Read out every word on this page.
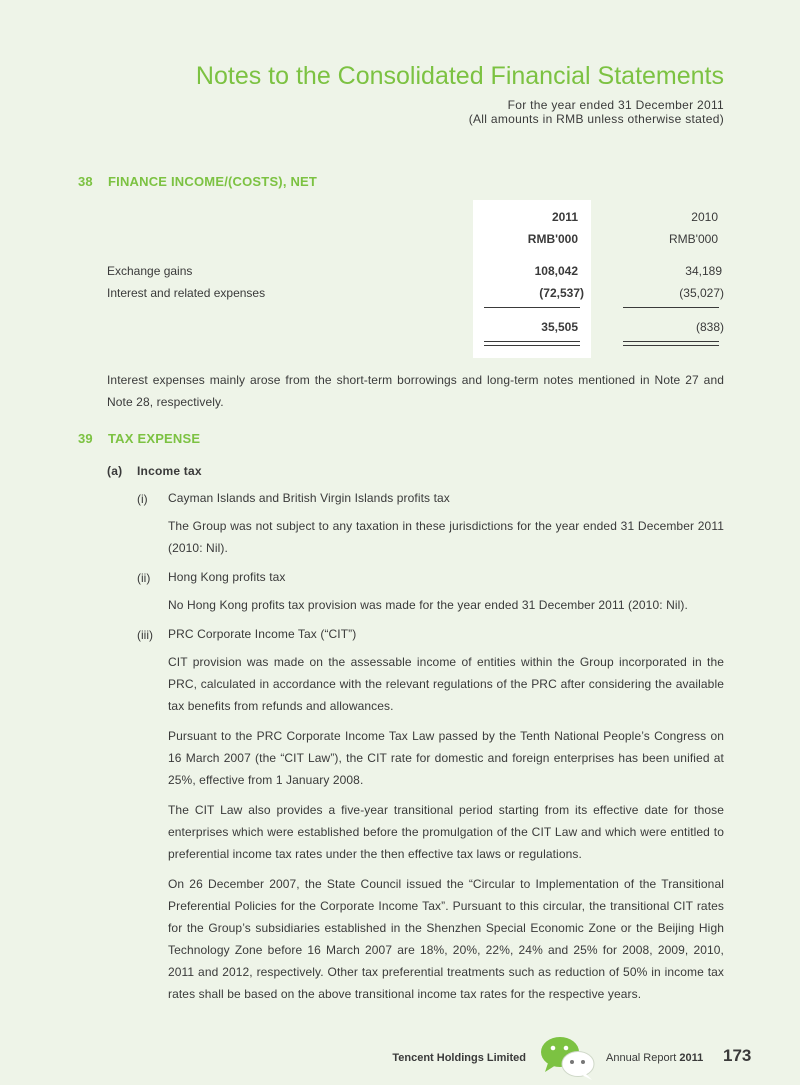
Notes to the Consolidated Financial Statements
For the year ended 31 December 2011
(All amounts in RMB unless otherwise stated)
38 FINANCE INCOME/(COSTS), NET
2011	2010
RMB'000	RMB'000
Exchange gains	108,042	34,189
Interest and related expenses	(72,537)	(35,027)
35,505	(838)
Interest expenses mainly arose from the short-term borrowings and long-term notes mentioned in Note 27 and Note 28, respectively.
39 TAX EXPENSE
(a) Income tax
(i)	Cayman Islands and British Virgin Islands profits tax
The Group was not subject to any taxation in these jurisdictions for the year ended 31 December 2011 (2010: Nil).
(ii)	Hong Kong profits tax
No Hong Kong profits tax provision was made for the year ended 31 December 2011 (2010: Nil).
(iii)	PRC Corporate Income Tax (“CIT”)
CIT provision was made on the assessable income of entities within the Group incorporated in the PRC, calculated in accordance with the relevant regulations of the PRC after considering the available tax benefits from refunds and allowances.
Pursuant to the PRC Corporate Income Tax Law passed by the Tenth National People’s Congress on 16 March 2007 (the “CIT Law”), the CIT rate for domestic and foreign enterprises has been unified at 25%, effective from 1 January 2008.
The CIT Law also provides a five-year transitional period starting from its effective date for those enterprises which were established before the promulgation of the CIT Law and which were entitled to preferential income tax rates under the then effective tax laws or regulations.
On 26 December 2007, the State Council issued the “Circular to Implementation of the Transitional Preferential Policies for the Corporate Income Tax”. Pursuant to this circular, the transitional CIT rates for the Group’s subsidiaries established in the Shenzhen Special Economic Zone or the Beijing High Technology Zone before 16 March 2007 are 18%, 20%, 22%, 24% and 25% for 2008, 2009, 2010, 2011 and 2012, respectively. Other tax preferential treatments such as reduction of 50% in income tax rates shall be based on the above transitional income tax rates for the respective years.
Tencent Holdings Limited	Annual Report 2011 173
